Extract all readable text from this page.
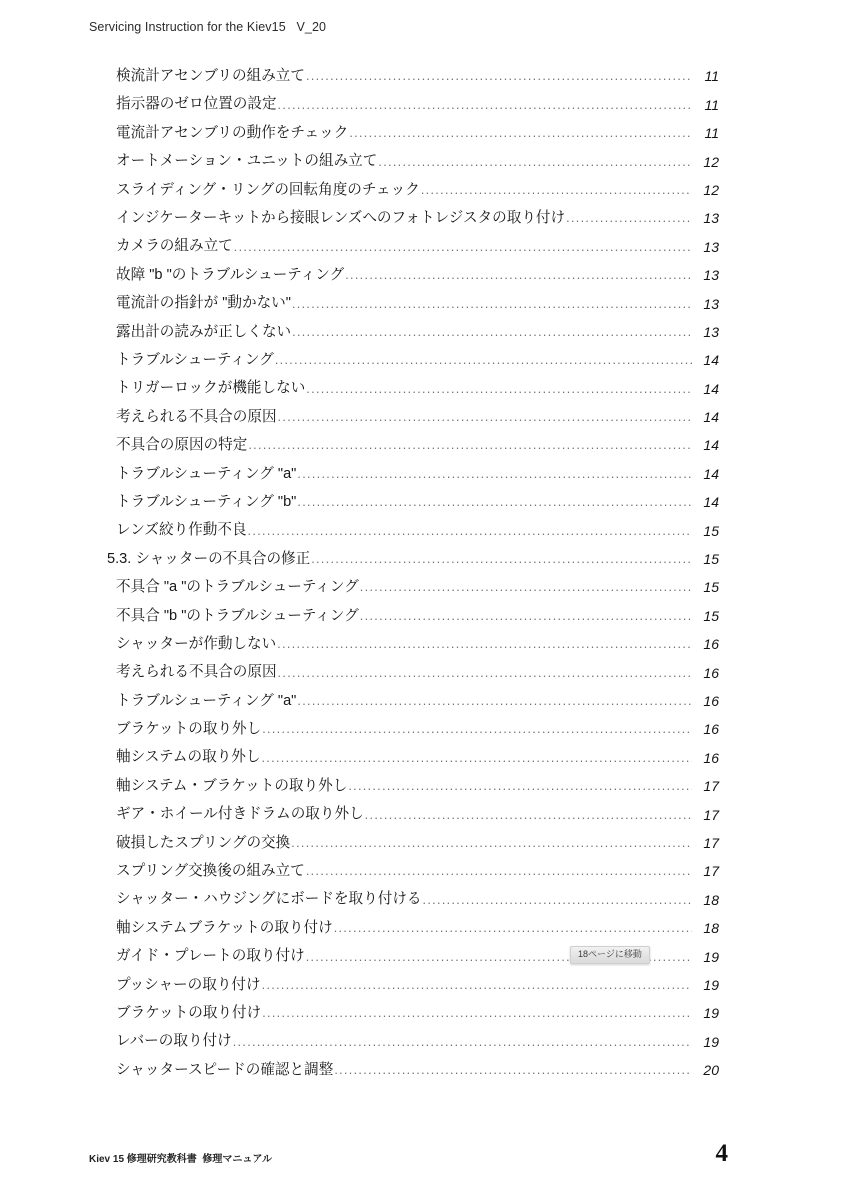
Servicing Instruction for the Kiev15   V_20
検流計アセンブリの組み立て .....	11
指示器のゼロ位置の設定 .....	11
電流計アセンブリの動作をチェック .....	11
オートメーション・ユニットの組み立て .....	12
スライディング・リングの回転角度のチェック .....	12
インジケーターキットから接眼レンズへのフォトレジスタの取り付け .....	13
カメラの組み立て .....	13
故障 "b "のトラブルシューティング .....	13
電流計の指針が "動かない" .....	13
露出計の読みが正しくない .....	13
トラブルシューティング .....	14
トリガーロックが機能しない .....	14
考えられる不具合の原因 .....	14
不具合の原因の特定 .....	14
トラブルシューティング "a" .....	14
トラブルシューティング "b" .....	14
レンズ絞り作動不良 .....	15
5.3. シャッターの不具合の修正 .....	15
不具合 "a "のトラブルシューティング .....	15
不具合 "b "のトラブルシューティング .....	15
シャッターが作動しない .....	16
考えられる不具合の原因 .....	16
トラブルシューティング "a" .....	16
ブラケットの取り外し .....	16
軸システムの取り外し .....	16
軸システム・ブラケットの取り外し .....	17
ギア・ホイール付きドラムの取り外し .....	17
破損したスプリングの交換 .....	17
スプリング交換後の組み立て .....	17
シャッター・ハウジングにボードを取り付ける .....	18
軸システムブラケットの取り付け .....	18
ガイド・プレートの取り付け .....	19
プッシャーの取り付け .....	19
ブラケットの取り付け .....	19
レバーの取り付け .....	19
シャッタースピードの確認と調整 .....	20
18ページに移動
Kiev 15 修理研究教科書  修理マニュアル	4
